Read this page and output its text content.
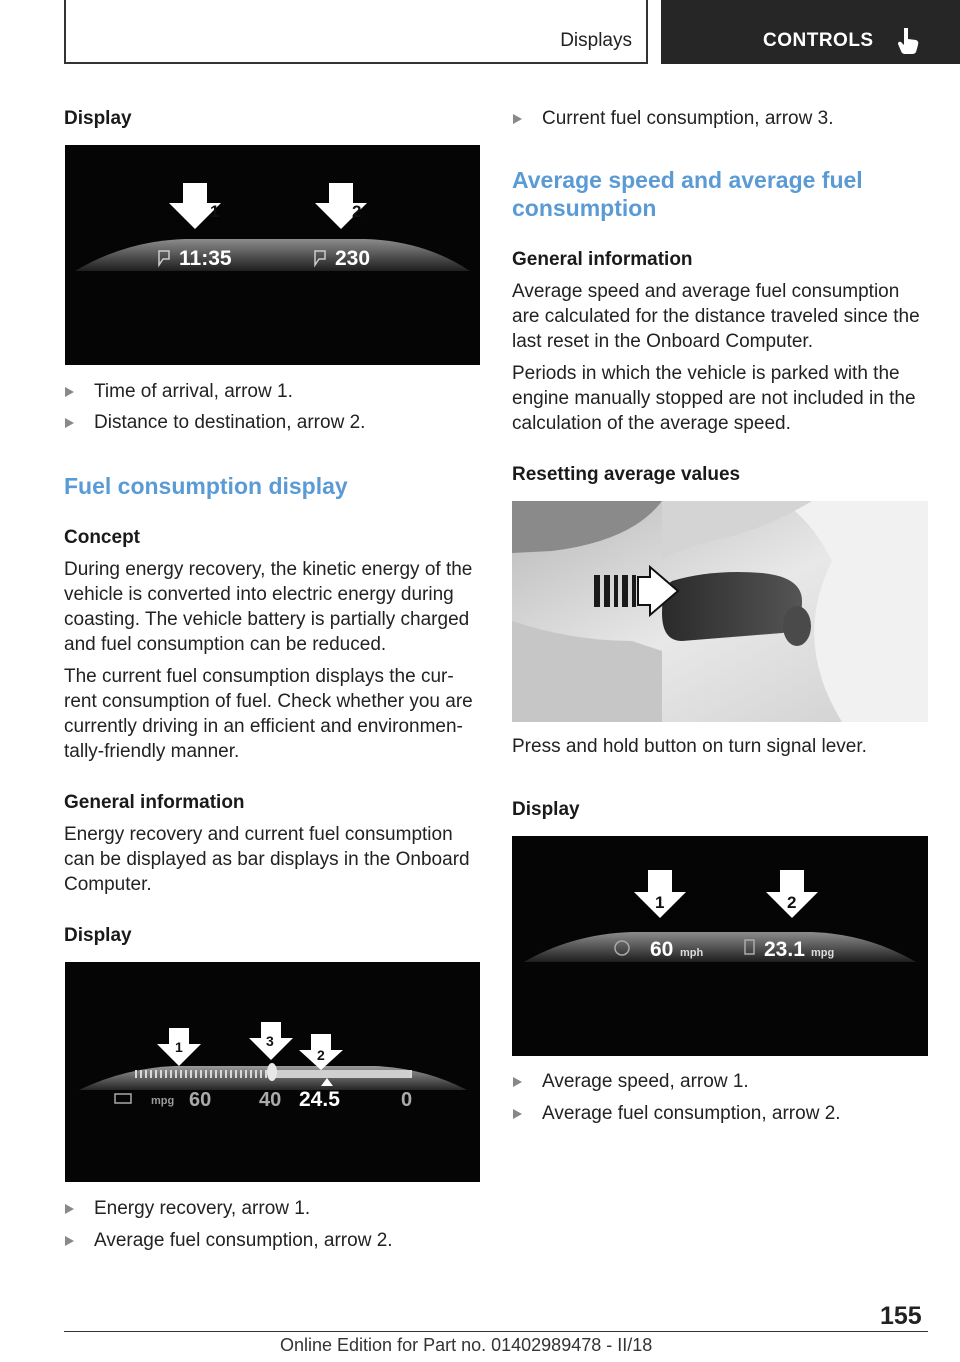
Displays	CONTROLS
Display
1	2
11:35	230
Time of arrival, arrow 1.
Distance to destination, arrow 2.
Fuel consumption display
Concept
During energy recovery, the kinetic energy of the
vehicle is converted into electric energy during
coasting. The vehicle battery is partially charged
and fuel consumption can be reduced.
The current fuel consumption displays the cur‐
rent consumption of fuel. Check whether you are
currently driving in an efficient and environmen‐
tally-friendly manner.
General information
Energy recovery and current fuel consumption
can be displayed as bar displays in the Onboard
Computer.
Display
1	3
2
mpg 60 40 24.5	0
Energy recovery, arrow 1.
Average fuel consumption, arrow 2.
Current fuel consumption, arrow 3.
Average speed and average fuel
consumption
General information
Average speed and average fuel consumption
are calculated for the distance traveled since the
last reset in the Onboard Computer.
Periods in which the vehicle is parked with the
engine manually stopped are not included in the
calculation of the average speed.
Resetting average values
Press and hold button on turn signal lever.
Display
1	2
60 mph	23.1 mpg
Average speed, arrow 1.
Average fuel consumption, arrow 2.
155
Online Edition for Part no. 01402989478 - II/18
